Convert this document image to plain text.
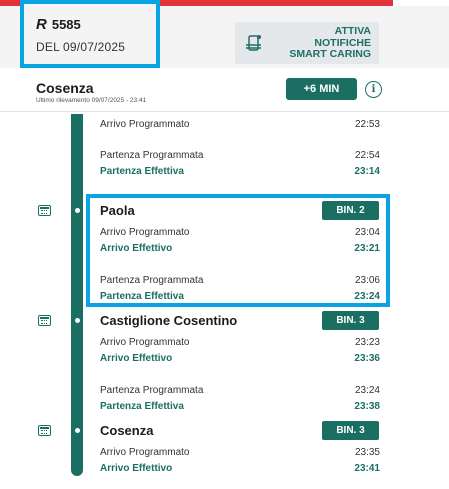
ATTIVA
NOTIFICHE
SMART CARING
R 5585
DEL 09/07/2025
Cosenza
Ultimo rilevamento 09/07/2025 - 23:41
+6 MIN	i
Arrivo Programmato	22:53
Partenza Programmata	22:54
Partenza Effettiva	23:14
Paola	BIN. 2
Arrivo Programmato	23:04
Arrivo Effettivo	23:21
Partenza Programmata	23:06
Partenza Effettiva	23:24
Castiglione Cosentino	BIN. 3
Arrivo Programmato	23:23
Arrivo Effettivo	23:36
Partenza Programmata	23:24
Partenza Effettiva	23:38
Cosenza	BIN. 3
Arrivo Programmato	23:35
Arrivo Effettivo	23:41
